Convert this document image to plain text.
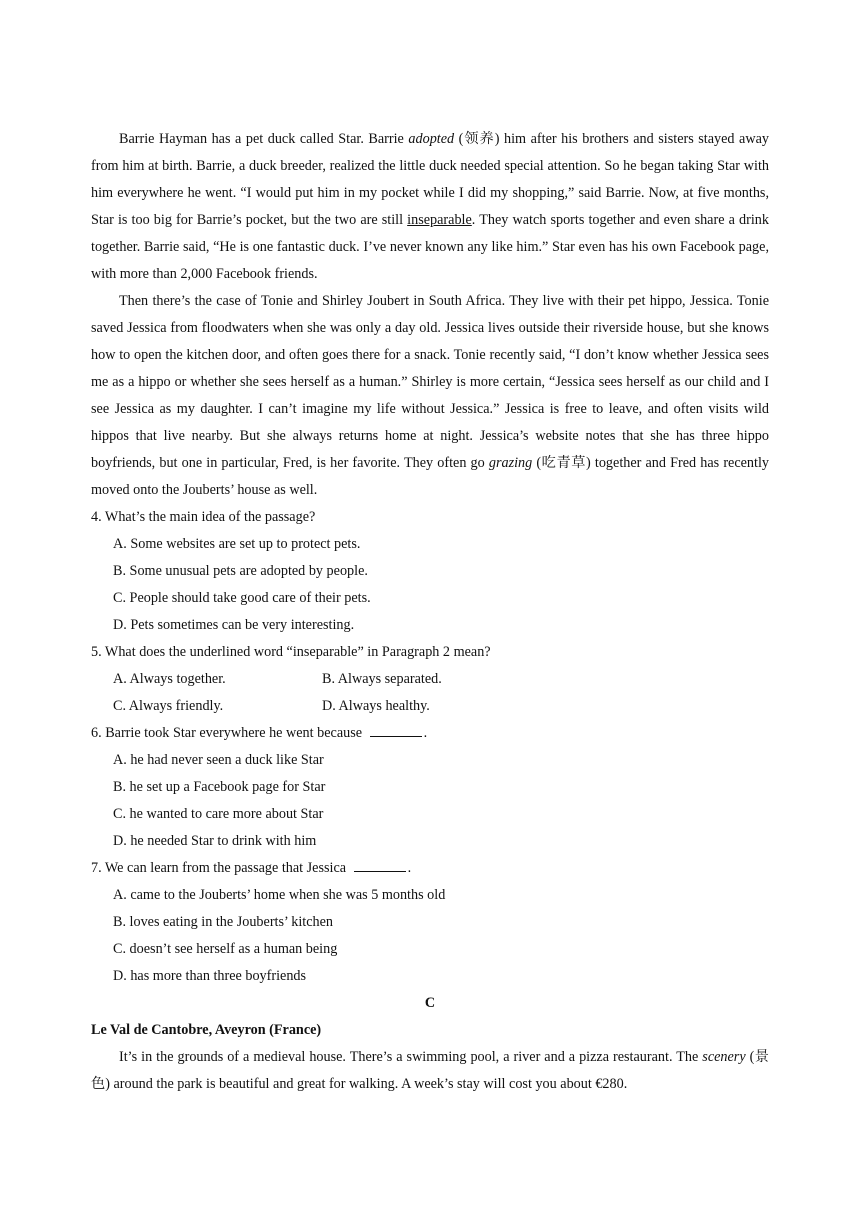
Barrie Hayman has a pet duck called Star. Barrie adopted (领养) him after his brothers and sisters stayed away from him at birth. Barrie, a duck breeder, realized the little duck needed special attention. So he began taking Star with him everywhere he went. “I would put him in my pocket while I did my shopping,” said Barrie. Now, at five months, Star is too big for Barrie’s pocket, but the two are still inseparable. They watch sports together and even share a drink together. Barrie said, “He is one fantastic duck. I’ve never known any like him.” Star even has his own Facebook page, with more than 2,000 Facebook friends.

Then there’s the case of Tonie and Shirley Joubert in South Africa. They live with their pet hippo, Jessica. Tonie saved Jessica from floodwaters when she was only a day old. Jessica lives outside their riverside house, but she knows how to open the kitchen door, and often goes there for a snack. Tonie recently said, “I don’t know whether Jessica sees me as a hippo or whether she sees herself as a human.” Shirley is more certain, “Jessica sees herself as our child and I see Jessica as my daughter. I can’t imagine my life without Jessica.” Jessica is free to leave, and often visits wild hippos that live nearby. But she always returns home at night. Jessica’s website notes that she has three hippo boyfriends, but one in particular, Fred, is her favorite. They often go grazing (吃青草) together and Fred has recently moved onto the Jouberts’ house as well.

4. What’s the main idea of the passage?

A. Some websites are set up to protect pets.

B. Some unusual pets are adopted by people.

C. People should take good care of their pets.

D. Pets sometimes can be very interesting.

5. What does the underlined word “inseparable” in Paragraph 2 mean?

A. Always together.	B. Always separated.
C. Always friendly.	D. Always healthy.

6. Barrie took Star everywhere he went because	.

A. he had never seen a duck like Star

B. he set up a Facebook page for Star

C. he wanted to care more about Star

D. he needed Star to drink with him

7. We can learn from the passage that Jessica	.

A. came to the Jouberts’ home when she was 5 months old

B. loves eating in the Jouberts’ kitchen

C. doesn’t see herself as a human being

D. has more than three boyfriends

C

Le Val de Cantobre, Aveyron (France)

It’s in the grounds of a medieval house. There’s a swimming pool, a river and a pizza restaurant. The scenery (景色) around the park is beautiful and great for walking. A week’s stay will cost you about €280.
